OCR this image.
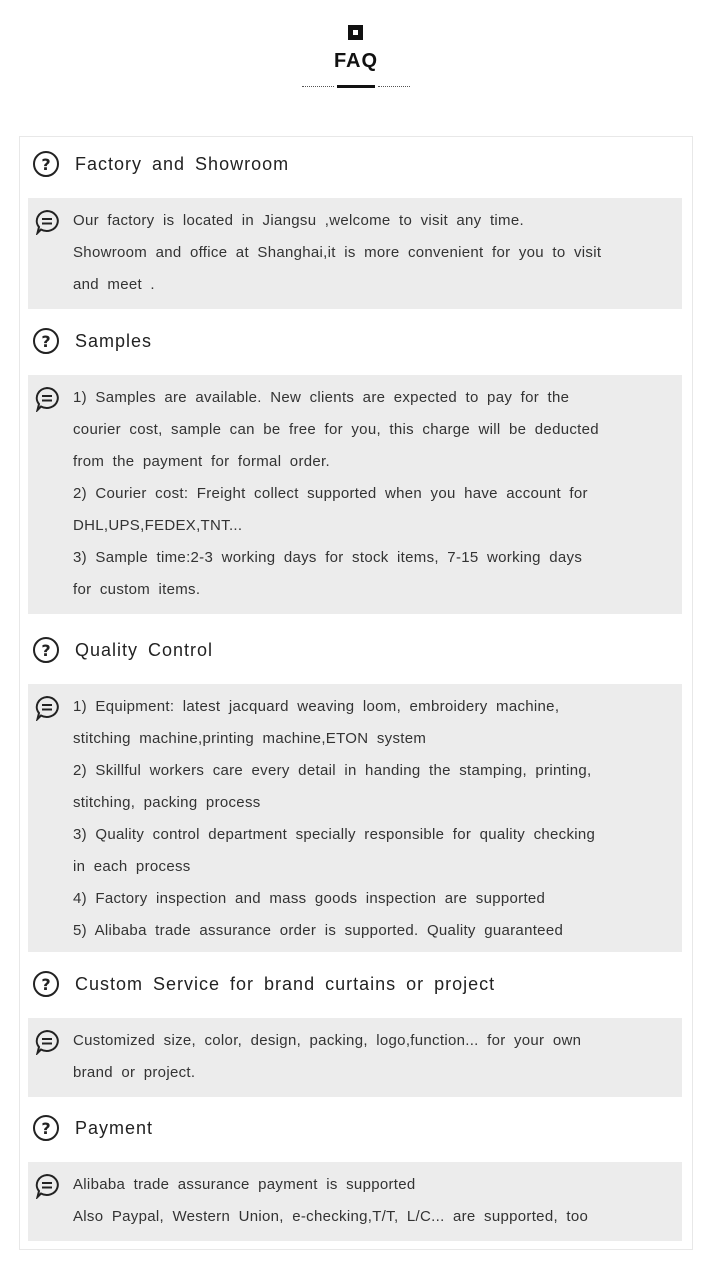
FAQ
?	Factory and Showroom
Our factory is located in Jiangsu ,welcome to visit any time.
Showroom and office at Shanghai,it is more convenient for you to visit
and meet .
?	Samples
1) Samples are available. New clients are expected to pay for the
courier cost, sample can be free for you, this charge will be deducted
from the payment for formal order.
2) Courier cost: Freight collect supported when you have account for
DHL,UPS,FEDEX,TNT...
3) Sample time:2-3 working days for stock items, 7-15 working days
for custom items.
?	Quality Control
1) Equipment: latest jacquard weaving loom, embroidery machine,
stitching machine,printing machine,ETON system
2) Skillful workers care every detail in handing the stamping, printing,
stitching, packing process
3) Quality control department specially responsible for quality checking
in each process
4) Factory inspection and mass goods inspection are supported
5) Alibaba trade assurance order is supported. Quality guaranteed
?	Custom Service for brand curtains or project
Customized size, color, design, packing, logo,function... for your own
brand or project.
?	Payment
Alibaba trade assurance payment is supported
Also Paypal, Western Union, e-checking,T/T, L/C... are supported, too
